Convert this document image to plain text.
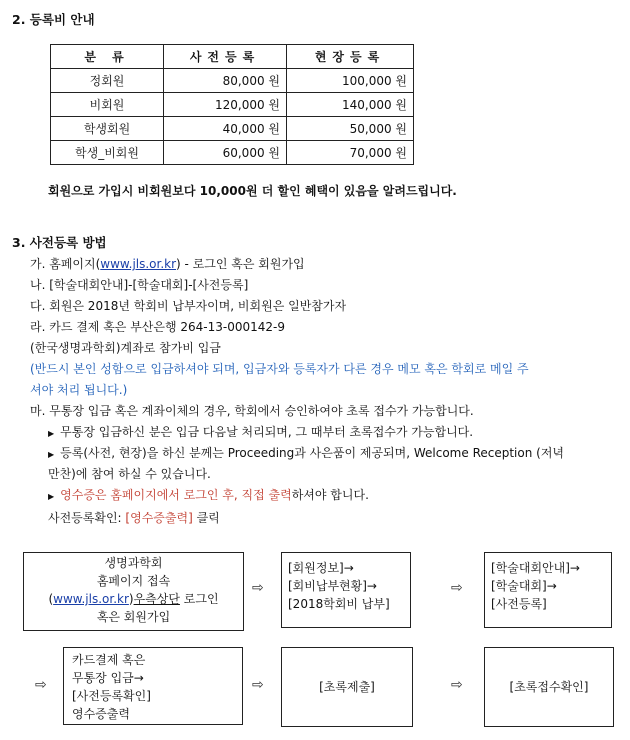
2. 등록비 안내
분 류	사전등록	현장등록
정회원	80,000 원	100,000 원
비회원	120,000 원	140,000 원
학생회원	40,000 원	50,000 원
학생_비회원	60,000 원	70,000 원
회원으로 가입시 비회원보다 10,000원 더 할인 혜택이 있음을 알려드립니다.
3. 사전등록 방법
가. 홈페이지(www.jls.or.kr) - 로그인 혹은 회원가입
나. [학술대회안내]-[학술대회]-[사전등록]
다. 회원은 2018년 학회비 납부자이며, 비회원은 일반참가자
라. 카드 결제 혹은 부산은행 264-13-000142-9
(한국생명과학회)계좌로 참가비 입금
(반드시 본인 성함으로 입금하셔야 되며, 입금자와 등록자가 다른 경우 메모 혹은 학회로 메일 주
셔야 처리 됩니다.)
마. 무통장 입금 혹은 계좌이체의 경우, 학회에서 승인하여야 초록 접수가 가능합니다.
▶ 무통장 입금하신 분은 입금 다음날 처리되며, 그 때부터 초록접수가 가능합니다.
▶ 등록(사전, 현장)을 하신 분께는 Proceeding과 사은품이 제공되며, Welcome Reception (저녁
만찬)에 참여 하실 수 있습니다.
▶ 영수증은 홈페이지에서 로그인 후, 직접 출력하셔야 합니다.
사전등록확인: [영수증출력] 클릭
생명과학회
홈페이지 접속
(www.jls.or.kr)우측상단 로그인
혹은 회원가입
⇨
[회원정보]→
[회비납부현황]→
[2018학회비 납부]
⇨
[학술대회안내]→
[학술대회]→
[사전등록]
⇨
카드결제 혹은
무통장 입금→
[사전등록확인]
영수증출력
⇨	[초록제출]	⇨	[초록접수확인]
